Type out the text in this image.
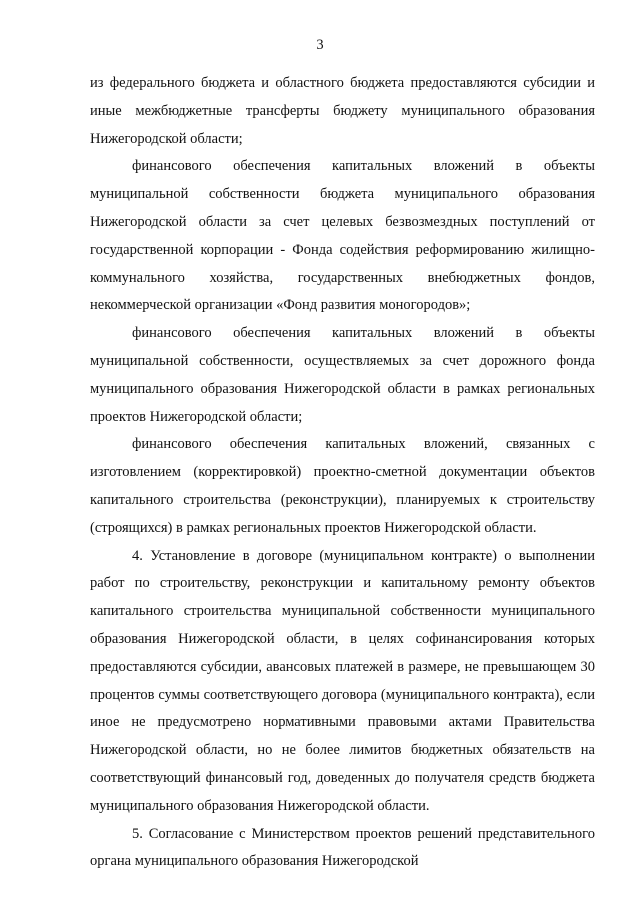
3

из федерального бюджета и областного бюджета предоставляются субсидии и иные межбюджетные трансферты бюджету муниципального образования Нижегородской области;

финансового обеспечения капитальных вложений в объекты муниципальной собственности бюджета муниципального образования Нижегородской области за счет целевых безвозмездных поступлений от государственной корпорации - Фонда содействия реформированию жилищно-коммунального хозяйства, государственных внебюджетных фондов, некоммерческой организации «Фонд развития моногородов»;

финансового обеспечения капитальных вложений в объекты муниципальной собственности, осуществляемых за счет дорожного фонда муниципального образования Нижегородской области в рамках региональных проектов Нижегородской области;

финансового обеспечения капитальных вложений, связанных с изготовлением (корректировкой) проектно-сметной документации объектов капитального строительства (реконструкции), планируемых к строительству (строящихся) в рамках региональных проектов Нижегородской области.

4. Установление в договоре (муниципальном контракте) о выполнении работ по строительству, реконструкции и капитальному ремонту объектов капитального строительства муниципальной собственности муниципального образования Нижегородской области, в целях софинансирования которых предоставляются субсидии, авансовых платежей в размере, не превышающем 30 процентов суммы соответствующего договора (муниципального контракта), если иное не предусмотрено нормативными правовыми актами Правительства Нижегородской области, но не более лимитов бюджетных обязательств на соответствующий финансовый год, доведенных до получателя средств бюджета муниципального образования Нижегородской области.

5. Согласование с Министерством проектов решений представительного органа муниципального образования Нижегородской
